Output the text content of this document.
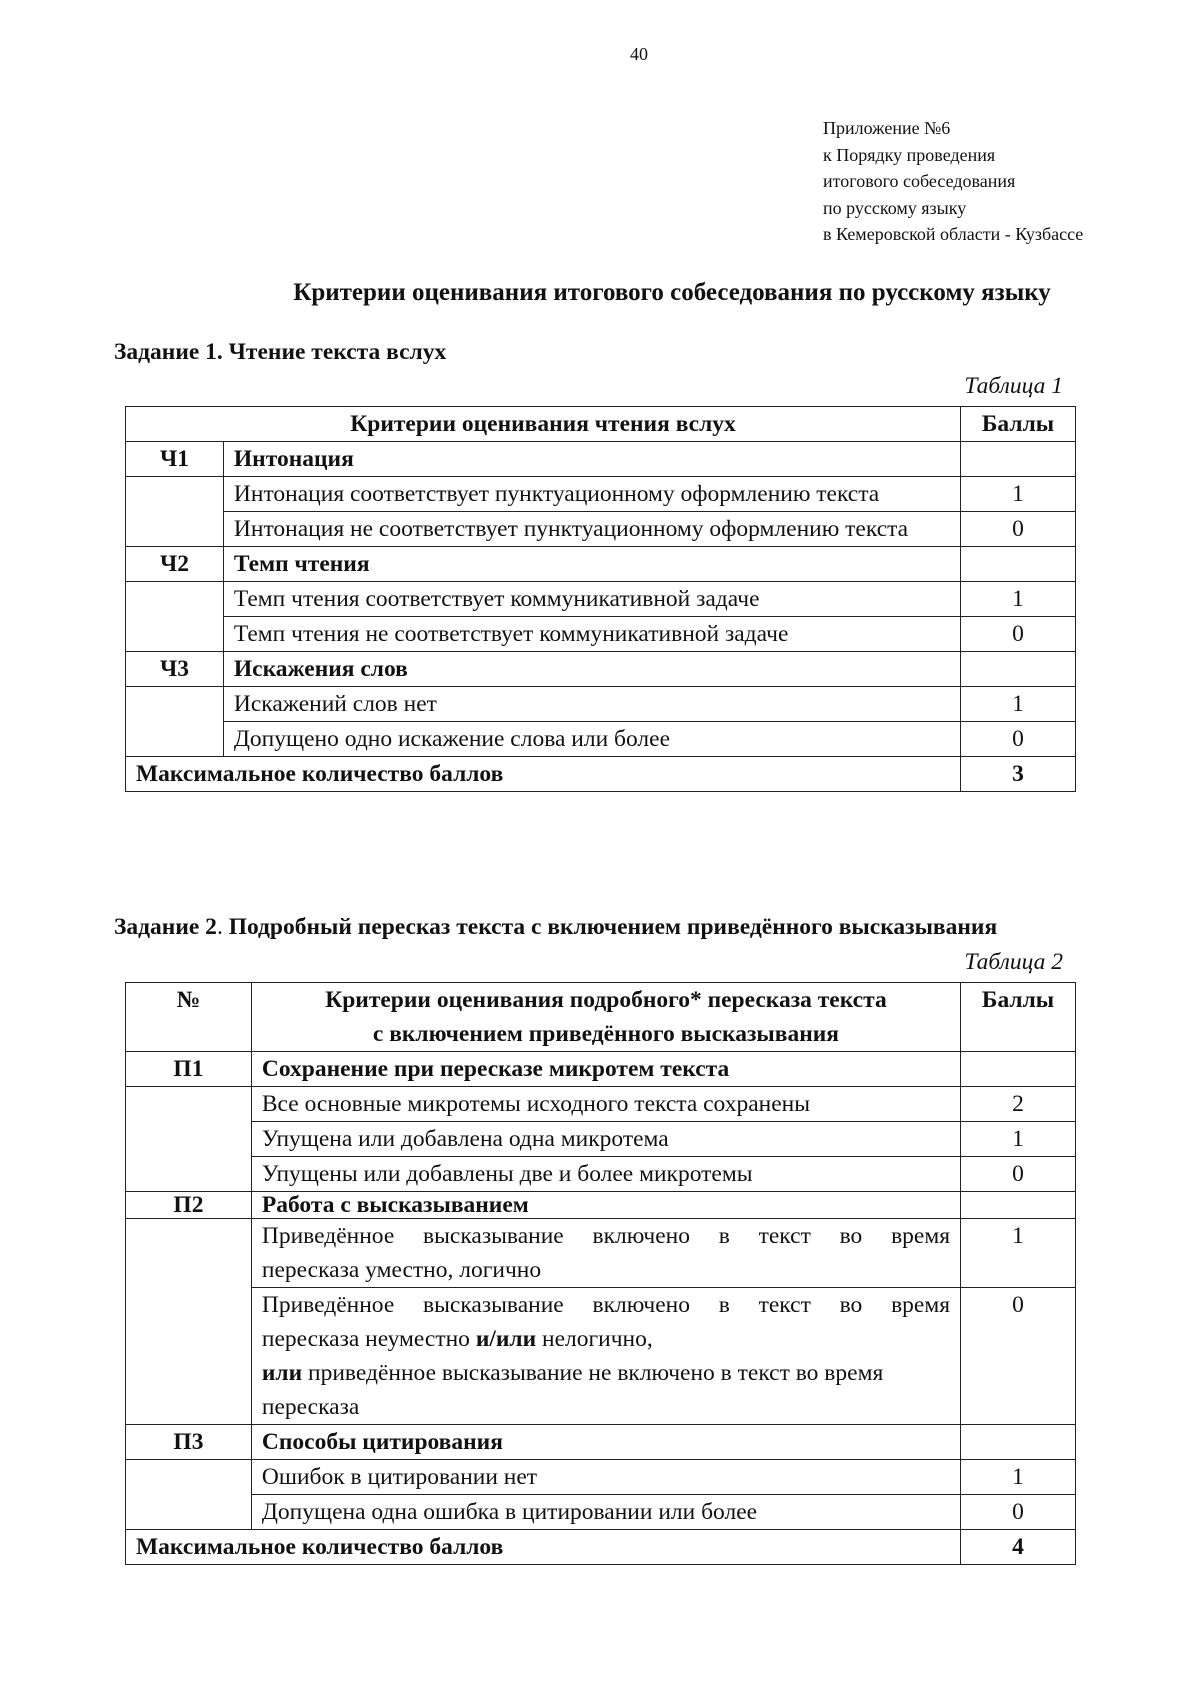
40
Приложение №6
к Порядку проведения
итогового собеседования
по русскому языку
в Кемеровской области - Кузбассе
Критерии оценивания итогового собеседования по русскому языку

Задание 1. Чтение текста вслух

Таблица 1

Критерии оценивания чтения вслух		Баллы
Ч1	Интонация	
	Интонация соответствует пунктуационному оформлению текста	1
	Интонация не соответствует пунктуационному оформлению текста	0
Ч2	Темп чтения	
	Темп чтения соответствует коммуникативной задаче	1
	Темп чтения не соответствует коммуникативной задаче	0
Ч3	Искажения слов	
	Искажений слов нет	1
	Допущено одно искажение слова или более	0
Максимальное количество баллов		3

Задание 2. Подробный пересказ текста с включением приведённого высказывания

Таблица 2

№	Критерии оценивания подробного* пересказа текста
с включением приведённого высказывания	Баллы
П1	Сохранение при пересказе микротем текста	
	Все основные микротемы исходного текста сохранены	2
	Упущена или добавлена одна микротема	1
	Упущены или добавлены две и более микротемы	0
П2	Работа с высказыванием	

	Приведённое высказывание включено в текст во время
пересказа уместно, логично	1

	Приведённое высказывание включено в текст во время
пересказа неуместно и/или нелогично,
или приведённое высказывание не включено в текст во время
пересказа	0
П3	Способы цитирования	
	Ошибок в цитировании нет	1
	Допущена одна ошибка в цитировании или более	0
Максимальное количество баллов		4
